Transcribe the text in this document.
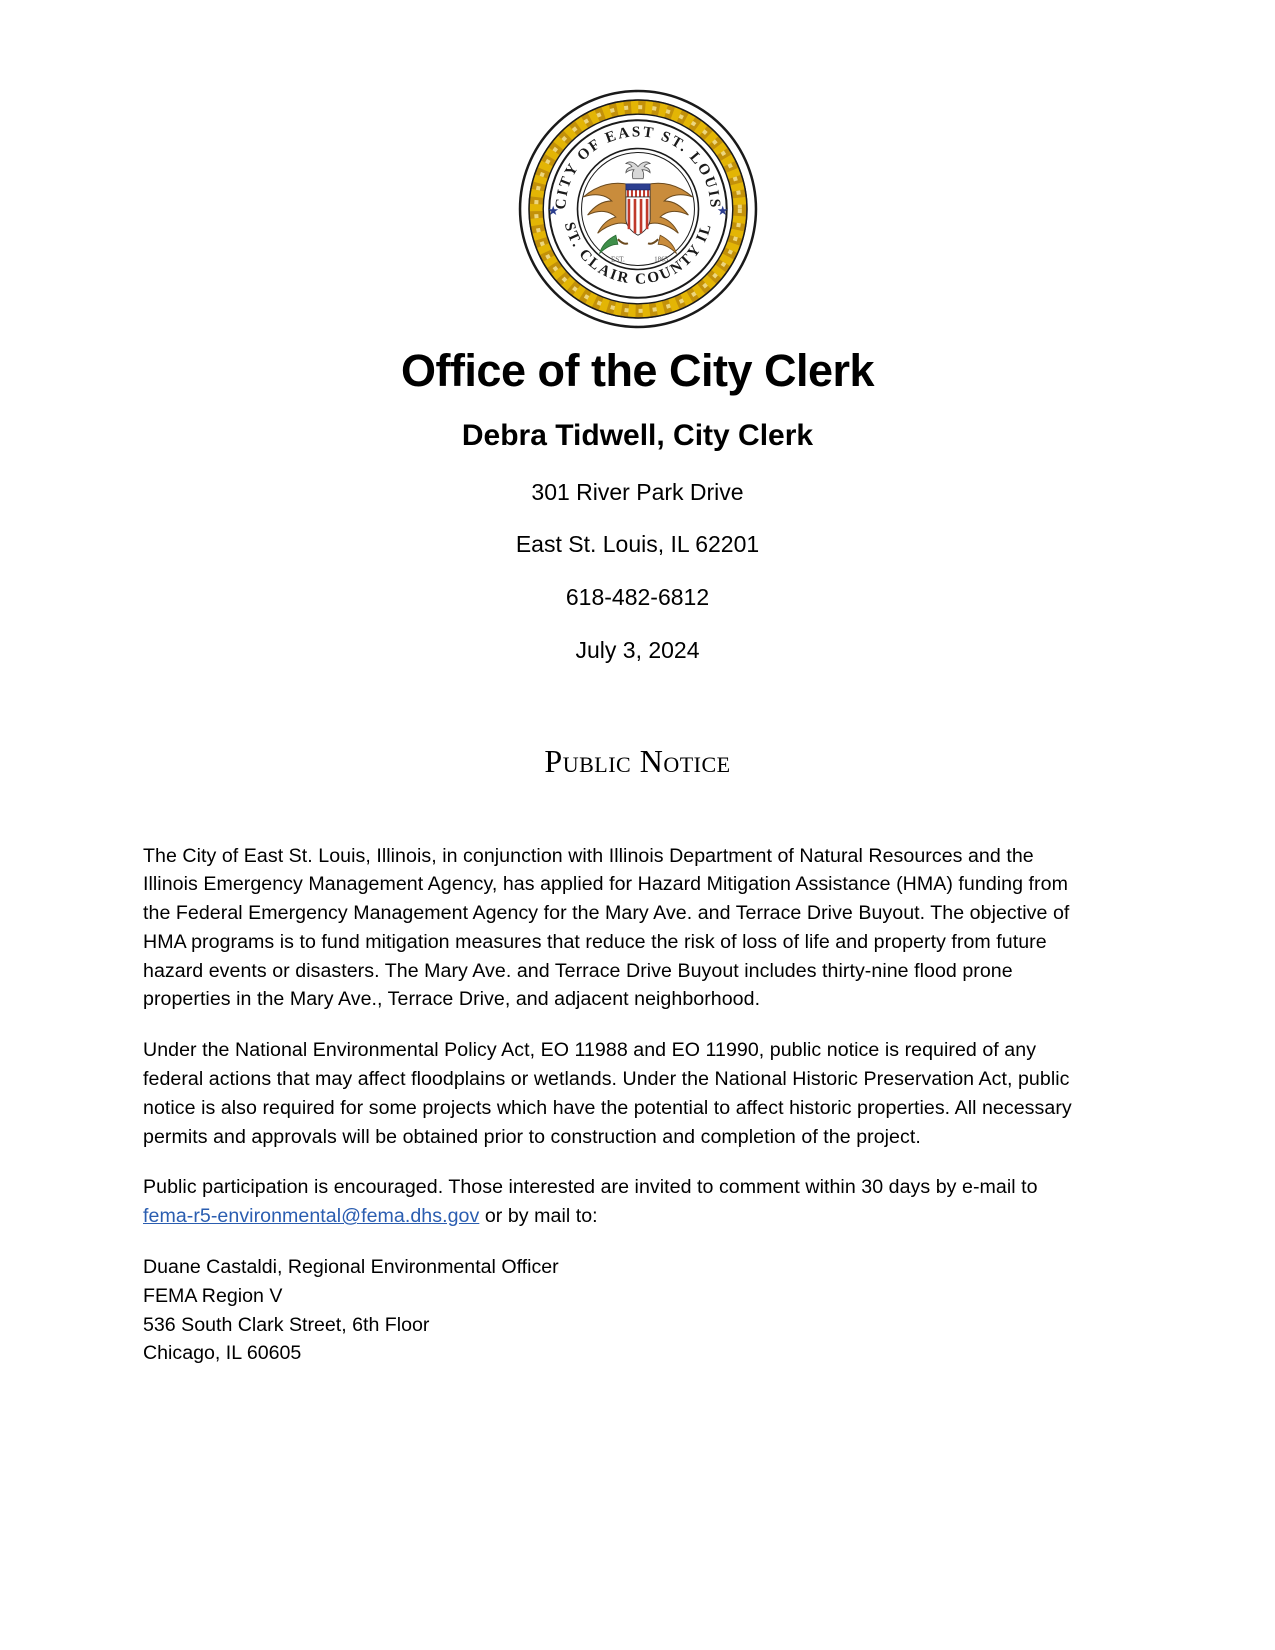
CITY OF EAST ST. LOUIS
ST. CLAIR COUNTY IL
★	★
EST.	1865
Office of the City Clerk
Debra Tidwell, City Clerk

301 River Park Drive

East St. Louis, IL 62201

618-482-6812

July 3, 2024

Public Notice

The City of East St. Louis, Illinois, in conjunction with Illinois Department of Natural Resources and the Illinois Emergency Management Agency, has applied for Hazard Mitigation Assistance (HMA) funding from the Federal Emergency Management Agency for the Mary Ave. and Terrace Drive Buyout. The objective of HMA programs is to fund mitigation measures that reduce the risk of loss of life and property from future hazard events or disasters. The Mary Ave. and Terrace Drive Buyout includes thirty-nine flood prone properties in the Mary Ave., Terrace Drive, and adjacent neighborhood.

Under the National Environmental Policy Act, EO 11988 and EO 11990, public notice is required of any federal actions that may affect floodplains or wetlands. Under the National Historic Preservation Act, public notice is also required for some projects which have the potential to affect historic properties. All necessary permits and approvals will be obtained prior to construction and completion of the project.

Public participation is encouraged. Those interested are invited to comment within 30 days by e-mail to fema-r5-environmental@fema.dhs.gov or by mail to:

Duane Castaldi, Regional Environmental Officer
FEMA Region V
536 South Clark Street, 6th Floor
Chicago, IL 60605
